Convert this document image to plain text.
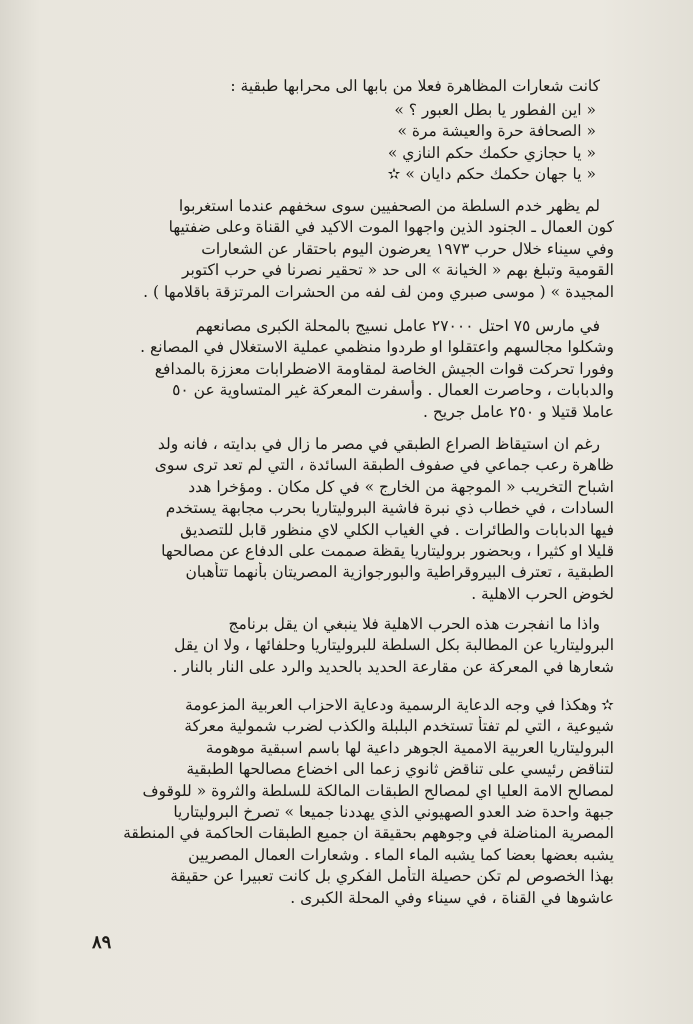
كانت شعارات المظاهرة فعلا من بابها الى محرابها طبقية :
« اين الفطور يا بطل العبور ؟ »
« الصحافة حرة والعيشة مرة »
« يا حجازي حكمك حكم النازي »
« يا جهان حكمك حكم دايان » ✫
لم يظهر خدم السلطة من الصحفيين سوى سخفهم عندما استغربوا
كون العمال ـ الجنود الذين واجهوا الموت الاكيد في القناة وعلى ضفتيها
وفي سيناء خلال حرب ١٩٧٣ يعرضون اليوم باحتقار عن الشعارات
القومية وتبلغ بهم « الخيانة » الى حد « تحقير نصرنا في حرب اكتوبر
المجيدة » ( موسى صبري ومن لف لفه من الحشرات المرتزقة باقلامها ) .
في مارس ٧٥ احتل ٢٧٠٠٠ عامل نسيج بالمحلة الكبرى مصانعهم
وشكلوا مجالسهم واعتقلوا او طردوا منظمي عملية الاستغلال في المصانع .
وفورا تحركت قوات الجيش الخاصة لمقاومة الاضطرابات معززة بالمدافع
والدبابات ، وحاصرت العمال . وأسفرت المعركة غير المتساوية عن ٥٠
عاملا قتيلا و ٢٥٠ عامل جريح .
رغم ان استيقاظ الصراع الطبقي في مصر ما زال في بدايته ، فانه ولد
ظاهرة رعب جماعي في صفوف الطبقة السائدة ، التي لم تعد ترى سوى
اشباح التخريب « الموجهة من الخارج » في كل مكان . ومؤخرا هدد
السادات ، في خطاب ذي نبرة فاشية البروليتاريا بحرب مجابهة يستخدم
فيها الدبابات والطائرات . في الغياب الكلي لاي منظور قابل للتصديق
قليلا او كثيرا ، وبحضور بروليتاريا يقظة صممت على الدفاع عن مصالحها
الطبقية ، تعترف البيروقراطية والبورجوازية المصريتان بأنهما تتأهبان
لخوض الحرب الاهلية .
واذا ما انفجرت هذه الحرب الاهلية فلا ينبغي ان يقل برنامج
البروليتاريا عن المطالبة بكل السلطة للبروليتاريا وحلفائها ، ولا ان يقل
شعارها في المعركة عن مقارعة الحديد بالحديد والرد على النار بالنار .
✫وهكذا في وجه الدعاية الرسمية ودعاية الاحزاب العربية المزعومة
شيوعية ، التي لم تفتأ تستخدم البلبلة والكذب لضرب شمولية معركة
البروليتاريا العربية الاممية الجوهر داعية لها باسم اسبقية موهومة
لتناقض رئيسي على تناقض ثانوي زعما الى اخضاع مصالحها الطبقية
لمصالح الامة العليا اي لمصالح الطبقات المالكة للسلطة والثروة « للوقوف
جبهة واحدة ضد العدو الصهيوني الذي يهددنا جميعا » تصرخ البروليتاريا
المصرية المناضلة في وجوههم بحقيقة ان جميع الطبقات الحاكمة في المنطقة
يشبه بعضها بعضا كما يشبه الماء الماء . وشعارات العمال المصريين
بهذا الخصوص لم تكن حصيلة التأمل الفكري بل كانت تعبيرا عن حقيقة
عاشوها في القناة ، في سيناء وفي المحلة الكبرى .
٨٩
